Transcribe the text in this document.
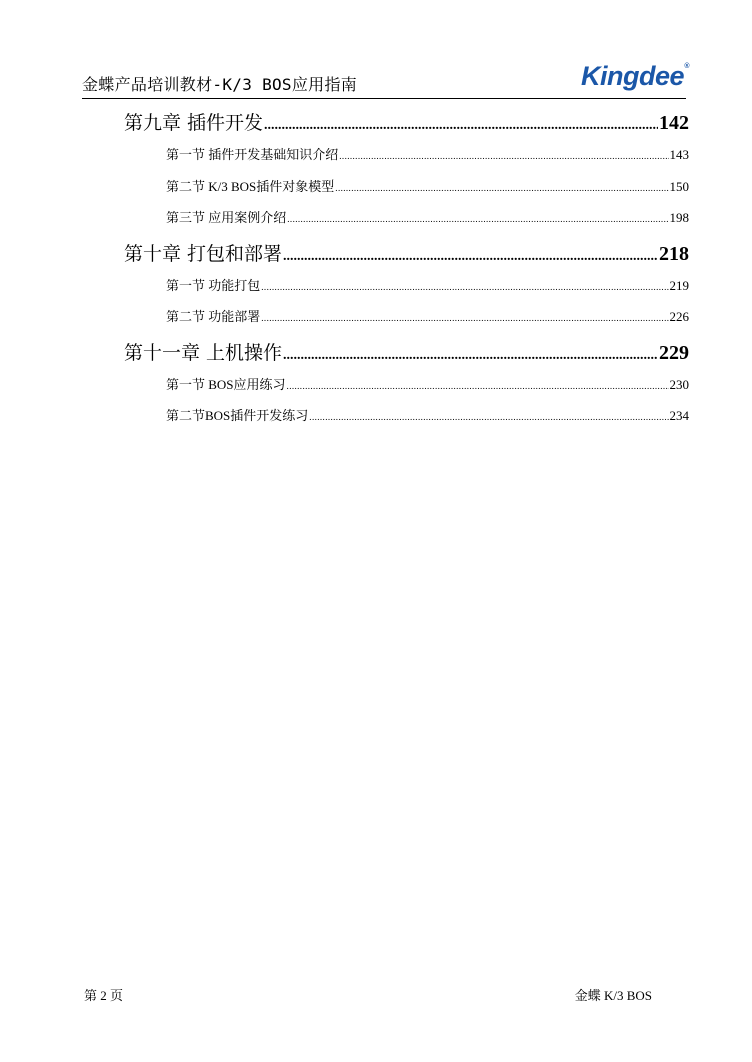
金蝶产品培训教材-K/3 BOS应用指南	Kingdee ®
第九章 插件开发 .....	142
第一节 插件开发基础知识介绍 .....	143
第二节 K/3 BOS插件对象模型 .....	150
第三节 应用案例介绍 .....	198
第十章 打包和部署 .....	218
第一节 功能打包 .....	219
第二节 功能部署 .....	226
第十一章 上机操作 .....	229
第一节 BOS应用练习 .....	230
第二节BOS插件开发练习 .....	234
第 2 页	金蝶 K/3 BOS
